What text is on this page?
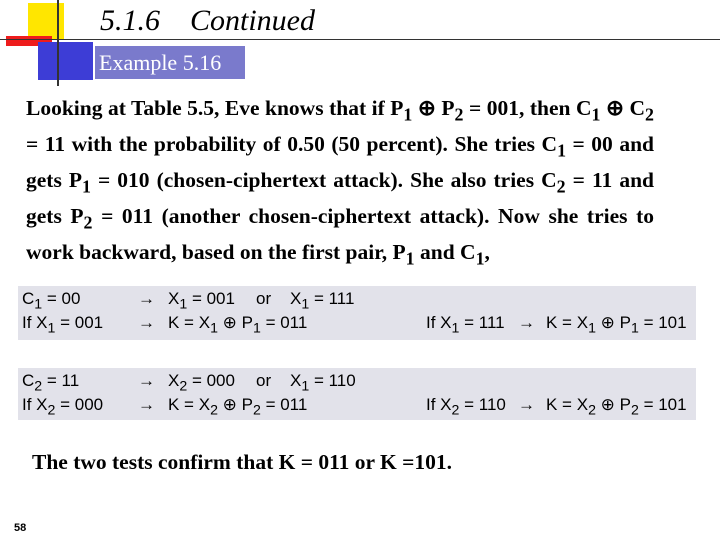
5.1.6    Continued
Example 5.16
Looking at Table 5.5, Eve knows that if $P_1$ ⊕ $P_2 = 001$, then $C_1$ ⊕ $C_2 = 11$ with the probability of 0.50 (50 percent). She tries $C_1 = 00$ and gets $P_1 = 010$ (chosen-ciphertext attack). She also tries $C_2 = 11$ and gets $P_2 = 011$ (another chosen-ciphertext attack). Now she tries to work backward, based on the first pair, $P_1$ and $C_1$,
$C_1 = 00$	→ $X_1 = 001$ or $X_1 = 111$
If $X_1 = 001 \to K = X_1$ ⊕ $P_1 = 011$	If $X_1 = 111 \to K = X_1$ ⊕ $P_1 = 101$
$C_2 = 11$	→ $X_2 = 000$ or $X_1 = 110$
If $X_2 = 000 \to K = X_2$ ⊕ $P_2 = 011$	If $X_2 = 110 \to K = X_2$ ⊕ $P_2 = 101$
The two tests confirm that K = 011 or K =101.
58
